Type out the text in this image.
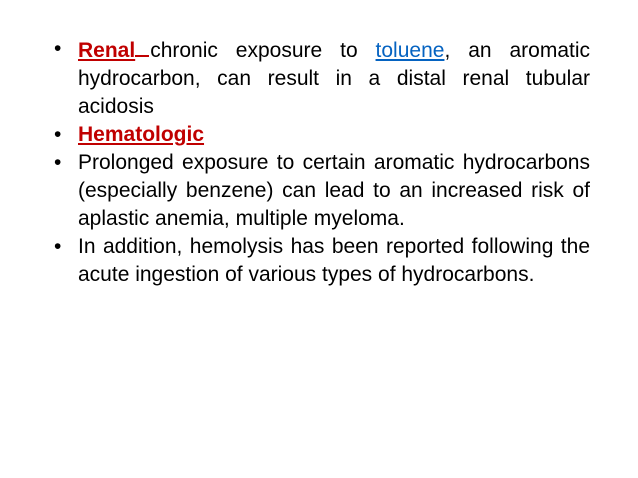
• Renal chronic exposure to toluene, an aromatic hydrocarbon, can result in a distal renal tubular acidosis
• Hematologic
• Prolonged exposure to certain aromatic hydrocarbons (especially benzene) can lead to an increased risk of aplastic anemia, multiple myeloma.
• In addition, hemolysis has been reported following the acute ingestion of various types of hydrocarbons.
